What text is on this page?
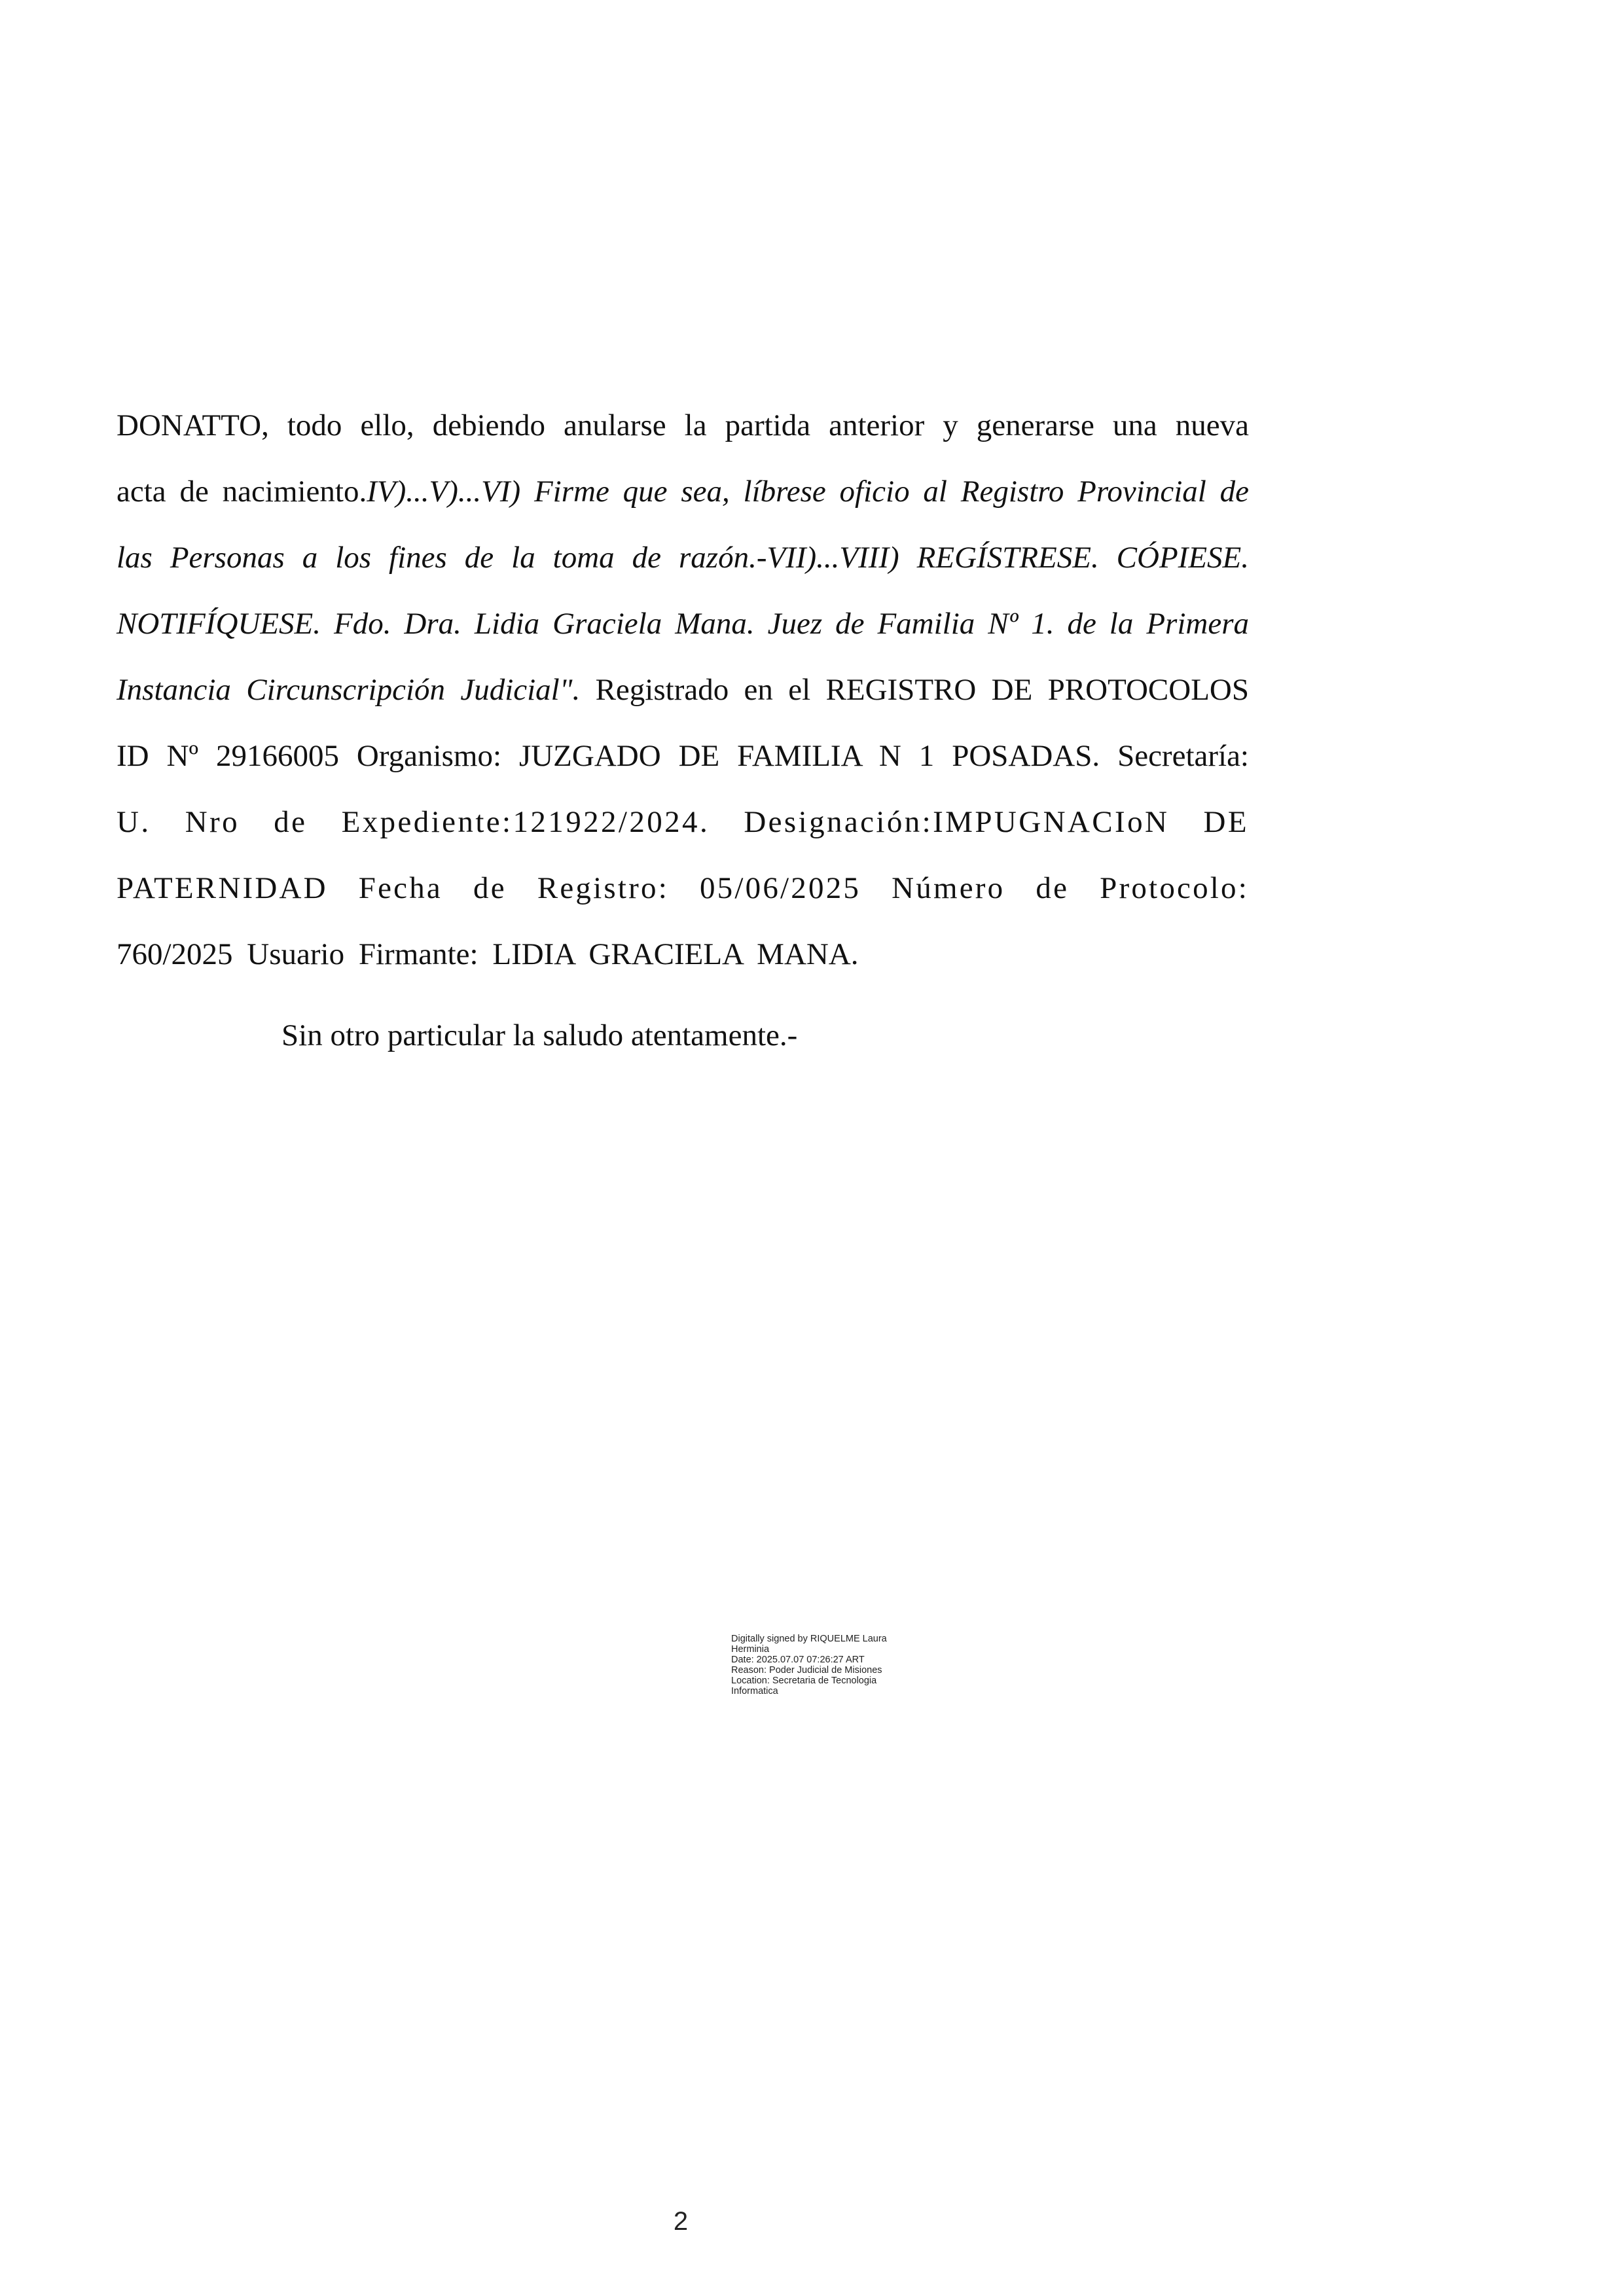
DONATTO, todo ello, debiendo anularse la partida anterior y generarse una nueva
acta de nacimiento.IV)...V)...VI) Firme que sea, líbrese oficio al Registro Provincial de
las Personas a los fines de la toma de razón.-VII)...VIII) REGÍSTRESE. CÓPIESE.
NOTIFÍQUESE. Fdo. Dra. Lidia Graciela Mana. Juez de Familia Nº 1. de la Primera
Instancia Circunscripción Judicial". Registrado en el REGISTRO DE PROTOCOLOS
ID Nº 29166005 Organismo: JUZGADO DE FAMILIA N 1 POSADAS. Secretaría:
U. Nro de Expediente:121922/2024. Designación:IMPUGNACIoN DE
PATERNIDAD Fecha de Registro: 05/06/2025 Número de Protocolo:
760/2025 Usuario Firmante: LIDIA GRACIELA MANA.
Sin otro particular la saludo atentamente.-
Digitally signed by RIQUELME Laura
Herminia
Date: 2025.07.07 07:26:27 ART
Reason: Poder Judicial de Misiones
Location: Secretaria de Tecnologia
Informatica
2
